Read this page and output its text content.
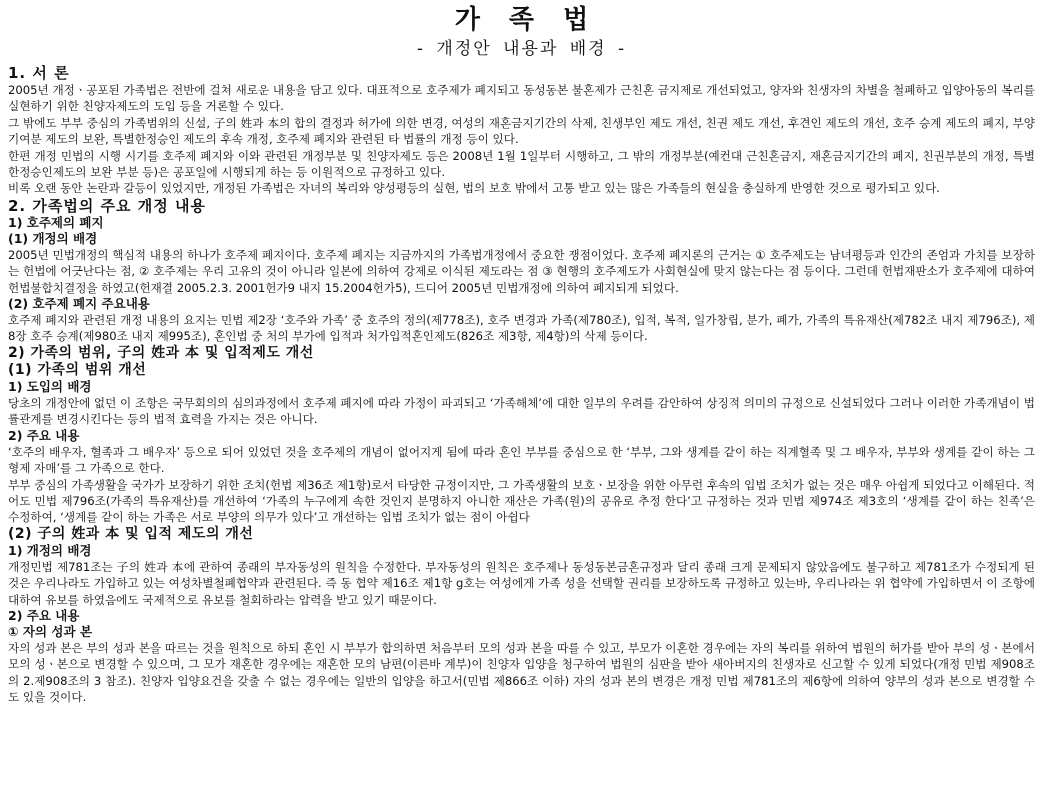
가 족 법
- 개정안 내용과 배경 -
1. 서 론

2005년 개정ㆍ공포된 가족법은 전반에 걸쳐 새로운 내용을 담고 있다. 대표적으로 호주제가 폐지되고 동성동본 불혼제가 근친혼 금지제로 개선되었고, 양자와 친생자의 차별을 철폐하고 입양아동의 복리를 실현하기 위한 친양자제도의 도입 등을 거론할 수 있다.

그 밖에도 부부 중심의 가족범위의 신설, 子의 姓과 本의 합의 결정과 허가에 의한 변경, 여성의 재혼금지기간의 삭제, 친생부인 제도 개선, 친권 제도 개선, 후견인 제도의 개선, 호주 승계 제도의 폐지, 부양기여분 제도의 보완, 특별한정승인 제도의 후속 개정, 호주제 폐지와 관련된 타 법률의 개정 등이 있다.

한편 개정 민법의 시행 시기를 호주제 폐지와 이와 관련된 개정부분 및 친양자제도 등은 2008년 1월 1일부터 시행하고, 그 밖의 개정부분(예컨대 근친혼금지, 재혼금지기간의 폐지, 친권부분의 개정, 특별한정승인제도의 보완 부분 등)은 공포일에 시행되게 하는 등 이원적으로 규정하고 있다.

비록 오랜 동안 논란과 갈등이 있었지만, 개정된 가족법은 자녀의 복리와 양성평등의 실현, 법의 보호 밖에서 고통 받고 있는 많은 가족들의 현실을 충실하게 반영한 것으로 평가되고 있다.

2. 가족법의 주요 개정 내용
1) 호주제의 폐지
(1) 개정의 배경

2005년 민법개정의 핵심적 내용의 하나가 호주제 폐지이다. 호주제 폐지는 지금까지의 가족법개정에서 중요한 쟁점이었다. 호주제 폐지론의 근거는 ① 호주제도는 남녀평등과 인간의 존엄과 가치를 보장하는 헌법에 어긋난다는 점, ② 호주제는 우리 고유의 것이 아니라 일본에 의하여 강제로 이식된 제도라는 점 ③ 현행의 호주제도가 사회현실에 맞지 않는다는 점 등이다. 그런데 헌법재판소가 호주제에 대하여 헌법불합치결정을 하였고(헌재결 2005.2.3. 2001헌가9 내지 15.2004헌가5), 드디어 2005년 민법개정에 의하여 폐지되게 되었다.

(2) 호주제 폐지 주요내용

호주제 폐지와 관련된 개정 내용의 요지는 민법 제2장 ‘호주와 가족’ 중 호주의 정의(제778조), 호주 변경과 가족(제780조), 입적, 복적, 일가창립, 분가, 폐가, 가족의 특유재산(제782조 내지 제796조), 제8장 호주 승계(제980조 내지 제995조), 혼인법 중 처의 부가에 입적과 처가입적혼인제도(826조 제3항, 제4항)의 삭제 등이다.

2) 가족의 범위, 子의 姓과 本 및 입적제도 개선
(1) 가족의 범위 개선
1) 도입의 배경

당초의 개정안에 없던 이 조항은 국무회의의 심의과정에서 호주제 폐지에 따라 가정이 파괴되고 ‘가족해체’에 대한 일부의 우려를 감안하여 상징적 의미의 규정으로 신설되었다 그러나 이러한 가족개념이 법률관계를 변경시킨다는 등의 법적 효력을 가지는 것은 아니다.

2) 주요 내용

‘호주의 배우자, 혈족과 그 배우자’ 등으로 되어 있었던 것을 호주제의 개념이 없어지게 됨에 따라 혼인 부부를 중심으로 한 ‘부부, 그와 생계를 같이 하는 직계혈족 및 그 배우자, 부부와 생계를 같이 하는 그 형제 자매’를 그 가족으로 한다.

부부 중심의 가족생활을 국가가 보장하기 위한 조치(헌법 제36조 제1항)로서 타당한 규정이지만, 그 가족생활의 보호ㆍ보장을 위한 아무런 후속의 입법 조치가 없는 것은 매우 아쉽게 되었다고 이해된다. 적어도 민법 제796조(가족의 특유재산)를 개선하여 ‘가족의 누구에게 속한 것인지 분명하지 아니한 재산은 가족(원)의 공유로 추정 한다’고 규정하는 것과 민법 제974조 제3호의 ‘생계를 같이 하는 친족’은 수정하여, ‘생계를 같이 하는 가족은 서로 부양의 의무가 있다’고 개선하는 입법 조치가 없는 점이 아쉽다

(2) 子의 姓과 本 및 입적 제도의 개선
1) 개정의 배경

개정민법 제781조는 子의 姓과 本에 관하여 종래의 부자동성의 원칙을 수정한다. 부자동성의 원칙은 호주제나 동성동본금혼규정과 달리 종래 크게 문제되지 않았음에도 불구하고 제781조가 수정되게 된 것은 우리나라도 가입하고 있는 여성차별철폐협약과 관련된다. 즉 동 협약 제16조 제1항 g호는 여성에게 가족 성을 선택할 권리를 보장하도록 규정하고 있는바, 우리나라는 위 협약에 가입하면서 이 조항에 대하여 유보를 하였음에도 국제적으로 유보를 철회하라는 압력을 받고 있기 때문이다.

2) 주요 내용
① 자의 성과 본

자의 성과 본은 부의 성과 본을 따르는 것을 원칙으로 하되 혼인 시 부부가 합의하면 처음부터 모의 성과 본을 따를 수 있고, 부모가 이혼한 경우에는 자의 복리를 위하여 법원의 허가를 받아 부의 성ㆍ본에서 모의 성ㆍ본으로 변경할 수 있으며, 그 모가 재혼한 경우에는 재혼한 모의 남편(이른바 계부)이 친양자 입양을 청구하여 법원의 심판을 받아 새아버지의 친생자로 신고할 수 있게 되었다(개정 민법 제908조의 2.제908조의 3 참조). 친양자 입양요건을 갖출 수 없는 경우에는 일반의 입양을 하고서(민법 제866조 이하) 자의 성과 본의 변경은 개정 민법 제781조의 제6항에 의하여 양부의 성과 본으로 변경할 수도 있을 것이다.
